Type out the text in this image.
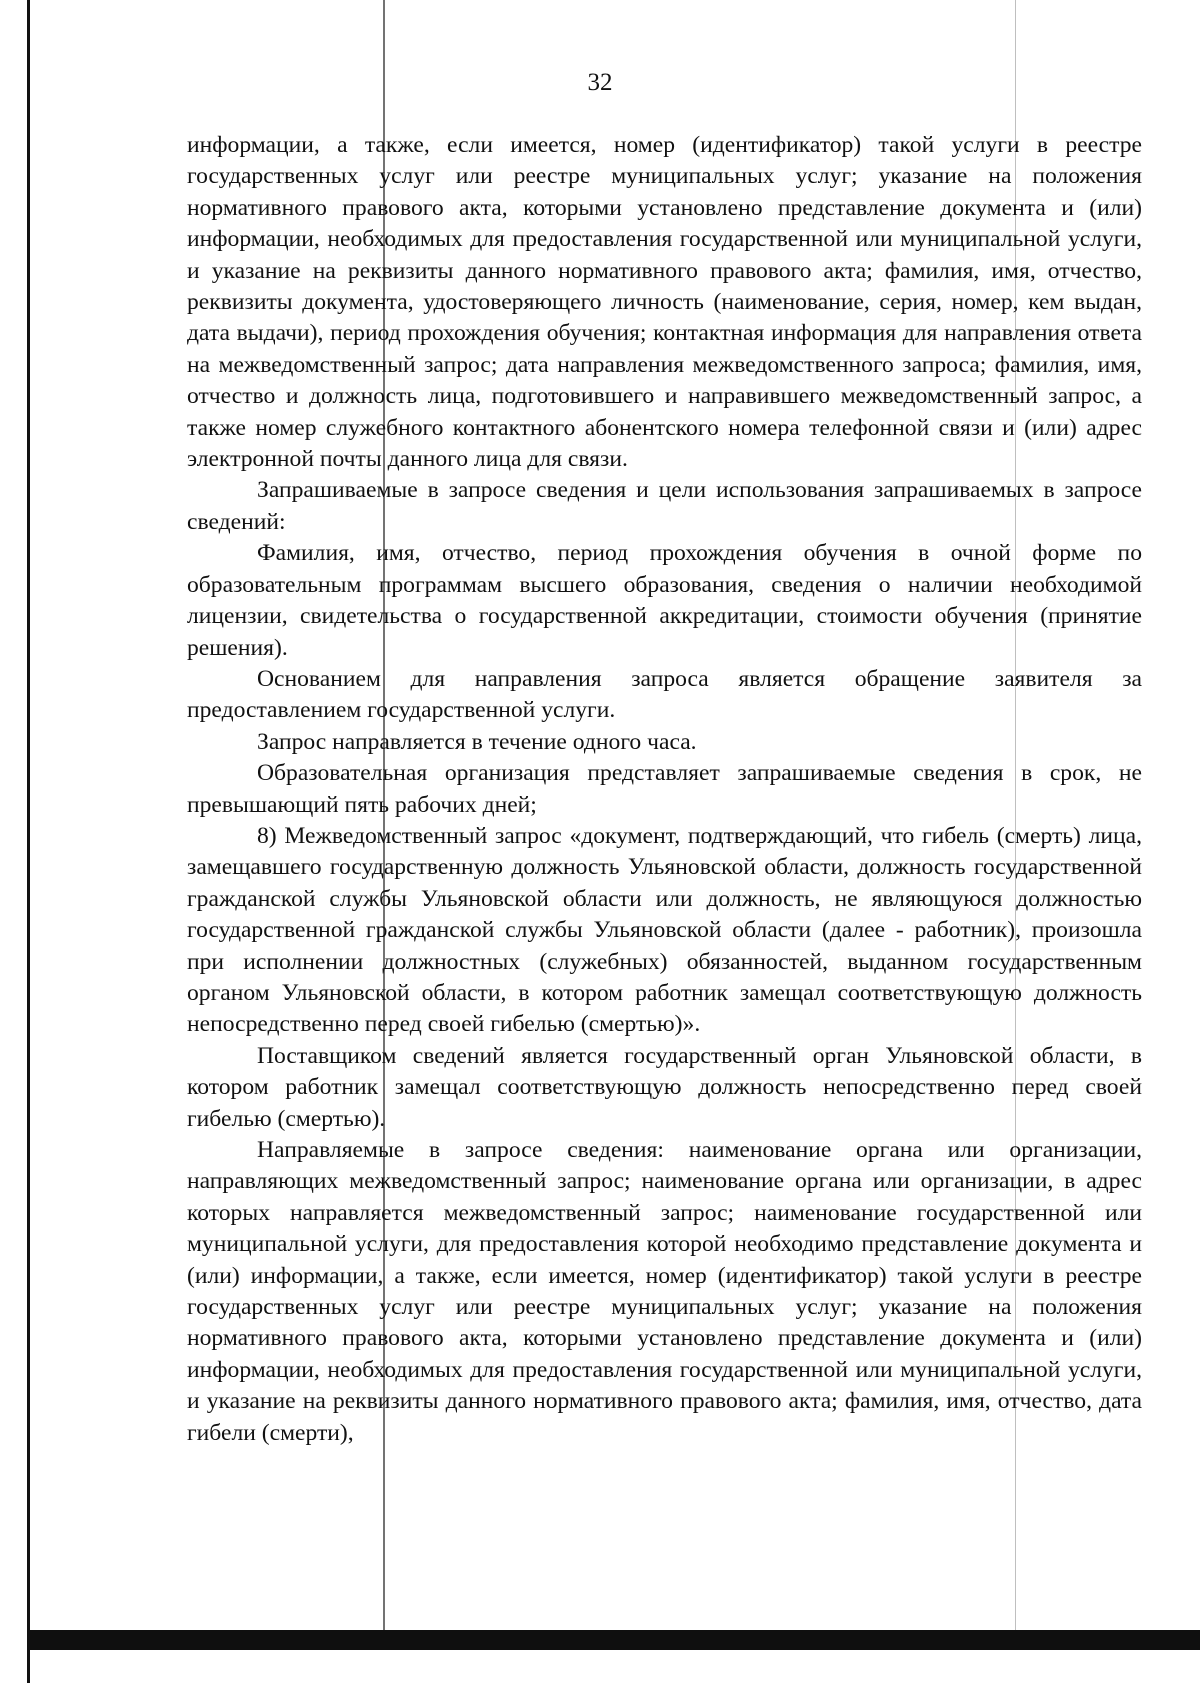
32

информации, а также, если имеется, номер (идентификатор) такой услуги в реестре государственных услуг или реестре муниципальных услуг; указание на положения нормативного правового акта, которыми установлено представление документа и (или) информации, необходимых для предоставления государственной или муниципальной услуги, и указание на реквизиты данного нормативного правового акта; фамилия, имя, отчество, реквизиты документа, удостоверяющего личность (наименование, серия, номер, кем выдан, дата выдачи), период прохождения обучения; контактная информация для направления ответа на межведомственный запрос; дата направления межведомственного запроса; фамилия, имя, отчество и должность лица, подготовившего и направившего межведомственный запрос, а также номер служебного контактного абонентского номера телефонной связи и (или) адрес электронной почты данного лица для связи.

Запрашиваемые в запросе сведения и цели использования запрашиваемых в запросе сведений:

Фамилия, имя, отчество, период прохождения обучения в очной форме по образовательным программам высшего образования, сведения о наличии необходимой лицензии, свидетельства о государственной аккредитации, стоимости обучения (принятие решения).

Основанием для направления запроса является обращение заявителя за предоставлением государственной услуги.

Запрос направляется в течение одного часа.

Образовательная организация представляет запрашиваемые сведения в срок, не превышающий пять рабочих дней;

8) Межведомственный запрос «документ, подтверждающий, что гибель (смерть) лица, замещавшего государственную должность Ульяновской области, должность государственной гражданской службы Ульяновской области или должность, не являющуюся должностью государственной гражданской службы Ульяновской области (далее - работник), произошла при исполнении должностных (служебных) обязанностей, выданном государственным органом Ульяновской области, в котором работник замещал соответствующую должность непосредственно перед своей гибелью (смертью)».

Поставщиком сведений является государственный орган Ульяновской области, в котором работник замещал соответствующую должность непосредственно перед своей гибелью (смертью).

Направляемые в запросе сведения: наименование органа или организации, направляющих межведомственный запрос; наименование органа или организации, в адрес которых направляется межведомственный запрос; наименование государственной или муниципальной услуги, для предоставления которой необходимо представление документа и (или) информации, а также, если имеется, номер (идентификатор) такой услуги в реестре государственных услуг или реестре муниципальных услуг; указание на положения нормативного правового акта, которыми установлено представление документа и (или) информации, необходимых для предоставления государственной или муниципальной услуги, и указание на реквизиты данного нормативного правового акта; фамилия, имя, отчество, дата гибели (смерти),
